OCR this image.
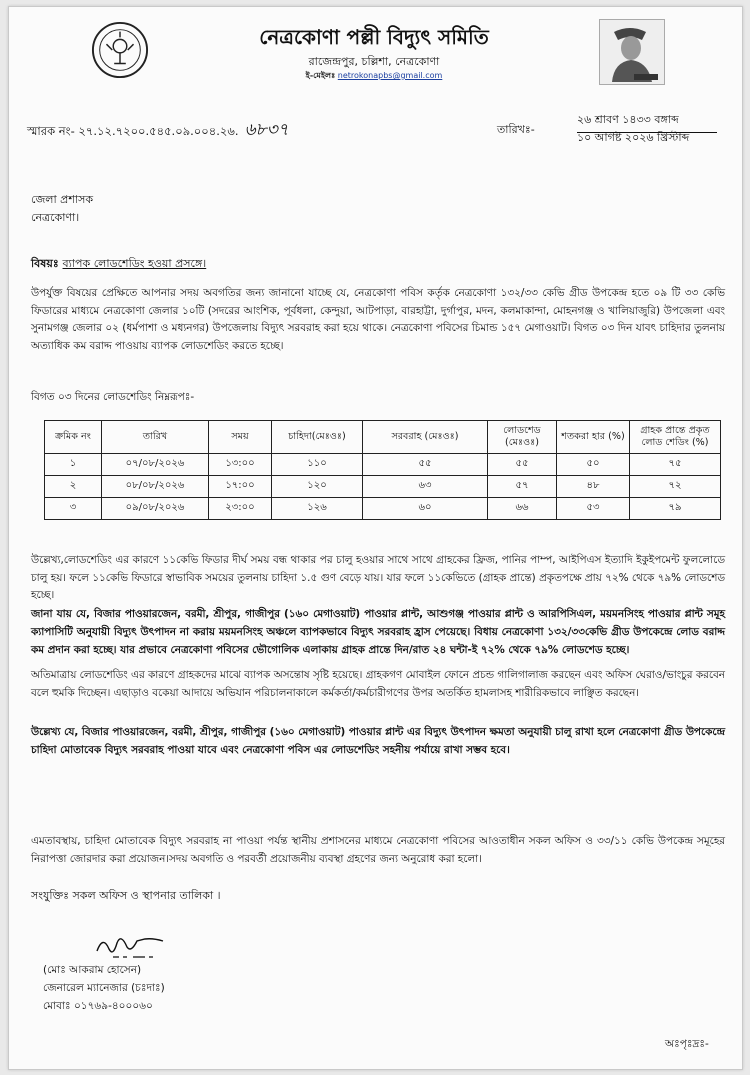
নেত্রকোণা পল্লী বিদ্যুৎ সমিতি
রাজেন্দ্রপুর, চল্লিশা, নেত্রকোণা
ই-মেইলঃ netrokonapbs@gmail.com
স্মারক নং- ২৭.১২.৭২০০.৫৪৫.০৯.০০৪.২৬. ৬৮৩৭	তারিখঃ-
২৬ শ্রাবণ ১৪৩৩ বঙ্গাব্দ
১০ আগষ্ট ২০২৬ খ্রিস্টাব্দ
জেলা প্রশাসক
নেত্রকোণা।
বিষয়ঃ ব্যাপক লোডশেডিং হওয়া প্রসঙ্গে।

উপর্যুক্ত বিষয়ের প্রেক্ষিতে আপনার সদয় অবগতির জন্য জানানো যাচ্ছে যে, নেত্রকোণা পবিস কর্তৃক নেত্রকোণা ১৩২/৩৩ কেভি গ্রীড উপকেন্দ্র হতে ০৯ টি ৩৩ কেভি ফিডারের মাধ্যমে নেত্রকোণা জেলার ১০টি (সদরের আংশিক, পূর্বধলা, কেন্দুয়া, আটপাড়া, বারহাট্টা, দুর্গাপুর, মদন, কলমাকান্দা, মোহনগঞ্জ ও খালিয়াজুরি) উপজেলা এবং সুনামগঞ্জ জেলার ০২ (ধর্মপাশা ও মধ্যনগর) উপজেলায় বিদ্যুৎ সরবরাহ করা হয়ে থাকে। নেত্রকোণা পবিসের চিমান্ড ১৫৭ মেগাওয়াট। বিগত ০৩ দিন যাবৎ চাহিদার তুলনায় অত্যাধিক কম বরাদ্দ পাওয়ায় ব্যাপক লোডশেডিং করতে হচ্ছে।

বিগত ০৩ দিনের লোডশেডিং নিম্নরূপঃ-
ক্রমিক নং	তারিখ	সময়	চাহিদা(মেঃওঃ)	সরবরাহ (মেঃওঃ)	লোডশেড (মেঃওঃ)	শতকরা হার (%)	গ্রাহক প্রান্তে প্রকৃত লোড শেডিং (%)
১	০৭/০৮/২০২৬	১৩:০০	১১০	৫৫	৫৫	৫০	৭৫
২	০৮/০৮/২০২৬	১৭:০০	১২০	৬৩	৫৭	৪৮	৭২
৩	০৯/০৮/২০২৬	২৩:০০	১২৬	৬০	৬৬	৫৩	৭৯

উল্লেখ্য,লোডশেডিং এর কারণে ১১কেভি ফিডার দীর্ঘ সময় বন্ধ থাকার পর চালু হওয়ার সাথে সাথে গ্রাহকের ফ্রিজ, পানির পাম্প, আইপিএস ইত্যাদি ইকুইপমেন্ট ফুললোডে চালু হয়। ফলে ১১কেভি ফিডারে স্বাভাবিক সময়ের তুলনায় চাহিদা ১.৫ গুণ বেড়ে যায়। যার ফলে ১১কেভিতে (গ্রাহক প্রান্তে) প্রকৃতপক্ষে প্রায় ৭২% থেকে ৭৯% লোডশেড হচ্ছে।

জানা যায় যে, বিজার পাওয়ারজেন, বরমী, শ্রীপুর, গাজীপুর (১৬০ মেগাওয়াট) পাওয়ার প্লান্ট, আশুগঞ্জ পাওয়ার প্লান্ট ও আরপিসিএল, ময়মনসিংহ পাওয়ার প্লান্ট সমূহ ক্যাপাসিটি অনুযায়ী বিদ্যুৎ উৎপাদন না করায় ময়মনসিংহ অঞ্চলে ব্যাপকভাবে বিদ্যুৎ সরবরাহ হ্রাস পেয়েছে। বিধায় নেত্রকোণা ১৩২/৩৩কেভি গ্রীড উপকেন্দ্রে লোড বরাদ্দ কম প্রদান করা হচ্ছে। যার প্রভাবে নেত্রকোণা পবিসের ভৌগোলিক এলাকায় গ্রাহক প্রান্তে দিন/রাত ২৪ ঘন্টা-ই ৭২% থেকে ৭৯% লোডশেড হচ্ছে।

অতিমাত্রায় লোডশেডিং এর কারণে গ্রাহকদের মাঝে ব্যাপক অসন্তোষ সৃষ্টি হয়েছে। গ্রাহকগণ মোবাইল ফোনে প্রচন্ড গালিগালাজ করছেন এবং অফিস ঘেরাও/ভাংচুর করবেন বলে হুমকি দিচ্ছেন। এছাড়াও বকেয়া আদায়ে অভিযান পরিচালনাকালে কর্মকর্তা/কর্মচারীগণের উপর অতর্কিত হামলাসহ শারীরিকভাবে লাঞ্ছিত করছেন।

উল্লেখ্য যে, বিজার পাওয়ারজেন, বরমী, শ্রীপুর, গাজীপুর (১৬০ মেগাওয়াট) পাওয়ার প্লান্ট এর বিদ্যুৎ উৎপাদন ক্ষমতা অনুযায়ী চালু রাখা হলে নেত্রকোণা গ্রীড উপকেন্দ্রে চাহিদা মোতাবেক বিদ্যুৎ সরবরাহ পাওয়া যাবে এবং নেত্রকোণা পবিস এর লোডশেডিং সহনীয় পর্যায়ে রাখা সম্ভব হবে।

এমতাবস্থায়, চাহিদা মোতাবেক বিদ্যুৎ সরবরাহ না পাওয়া পর্যন্ত স্থানীয় প্রশাসনের মাধ্যমে নেত্রকোণা পবিসের আওতাধীন সকল অফিস ও ৩৩/১১ কেভি উপকেন্দ্র সমূহের নিরাপত্তা জোরদার করা প্রয়োজন।সদয় অবগতি ও পরবর্তী প্রয়োজনীয় ব্যবস্থা গ্রহণের জন্য অনুরোধ করা হলো।

সংযুক্তিঃ সকল অফিস ও স্থাপনার তালিকা ।
(মোঃ আকরাম হোসেন)
জেনারেল ম্যানেজার (চঃদাঃ)
মোবাঃ ০১৭৬৯-৪০০০৬০
অঃপৃঃদ্রঃ-
